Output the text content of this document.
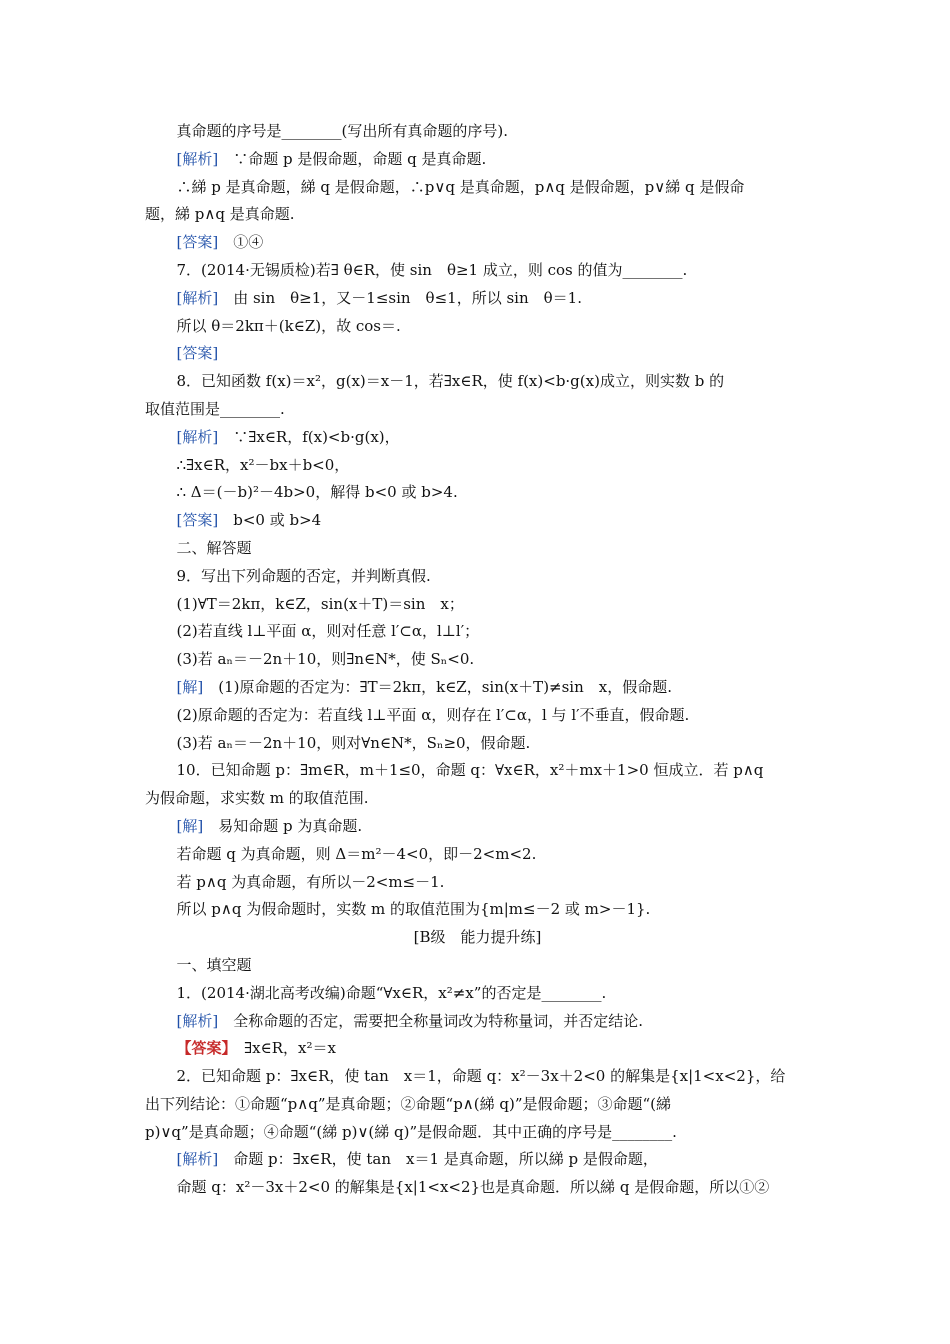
真命题的序号是________(写出所有真命题的序号).
[解析]　∵命题 p 是假命题，命题 q 是真命题.
∴綈 p 是真命题，綈 q 是假命题，∴p∨q 是真命题，p∧q 是假命题，p∨綈 q 是假命
题，綈 p∧q 是真命题.
[答案]　①④
7．(2014·无锡质检)若∃ θ∈R，使 sin　θ≥1 成立，则 cos 的值为________.
[解析]　由 sin　θ≥1，又－1≤sin　θ≤1，所以 sin　θ＝1.
所以 θ＝2kπ＋(k∈Z)，故 cos＝.
[答案]
8．已知函数 f(x)＝x²，g(x)＝x－1，若∃x∈R，使 f(x)<b·g(x)成立，则实数 b 的
取值范围是________.
[解析]　∵∃x∈R，f(x)<b·g(x)，
∴∃x∈R，x²－bx＋b<0，
∴ Δ＝(－b)²－4b>0，解得 b<0 或 b>4.
[答案]　b<0 或 b>4
二、解答题
9．写出下列命题的否定，并判断真假.
(1)∀T＝2kπ，k∈Z，sin(x＋T)＝sin　x；
(2)若直线 l⊥平面 α，则对任意 l′⊂α，l⊥l′；
(3)若 aₙ＝－2n＋10，则∃n∈N*，使 Sₙ<0.
[解]　(1)原命题的否定为：∃T＝2kπ，k∈Z，sin(x＋T)≠sin　x，假命题.
(2)原命题的否定为：若直线 l⊥平面 α，则存在 l′⊂α，l 与 l′不垂直，假命题.
(3)若 aₙ＝－2n＋10，则对∀n∈N*，Sₙ≥0，假命题.
10．已知命题 p：∃m∈R，m＋1≤0，命题 q：∀x∈R，x²＋mx＋1>0 恒成立．若 p∧q
为假命题，求实数 m 的取值范围.
[解]　易知命题 p 为真命题.
若命题 q 为真命题，则 Δ＝m²－4<0，即－2<m<2.
若 p∧q 为真命题，有所以－2<m≤－1.
所以 p∧q 为假命题时，实数 m 的取值范围为{m|m≤－2 或 m>－1}.
[B级　能力提升练]
一、填空题
1．(2014·湖北高考改编)命题“∀x∈R，x²≠x”的否定是________.
[解析]　全称命题的否定，需要把全称量词改为特称量词，并否定结论.
【答案】　∃x∈R，x²＝x
2．已知命题 p：∃x∈R，使 tan　x＝1，命题 q：x²－3x＋2<0 的解集是{x|1<x<2}，给
出下列结论：①命题“p∧q”是真命题；②命题“p∧(綈 q)”是假命题；③命题“(綈
p)∨q”是真命题；④命题“(綈 p)∨(綈 q)”是假命题．其中正确的序号是________.
[解析]　命题 p：∃x∈R，使 tan　x＝1 是真命题，所以綈 p 是假命题，
命题 q：x²－3x＋2<0 的解集是{x|1<x<2}也是真命题．所以綈 q 是假命题，所以①②
